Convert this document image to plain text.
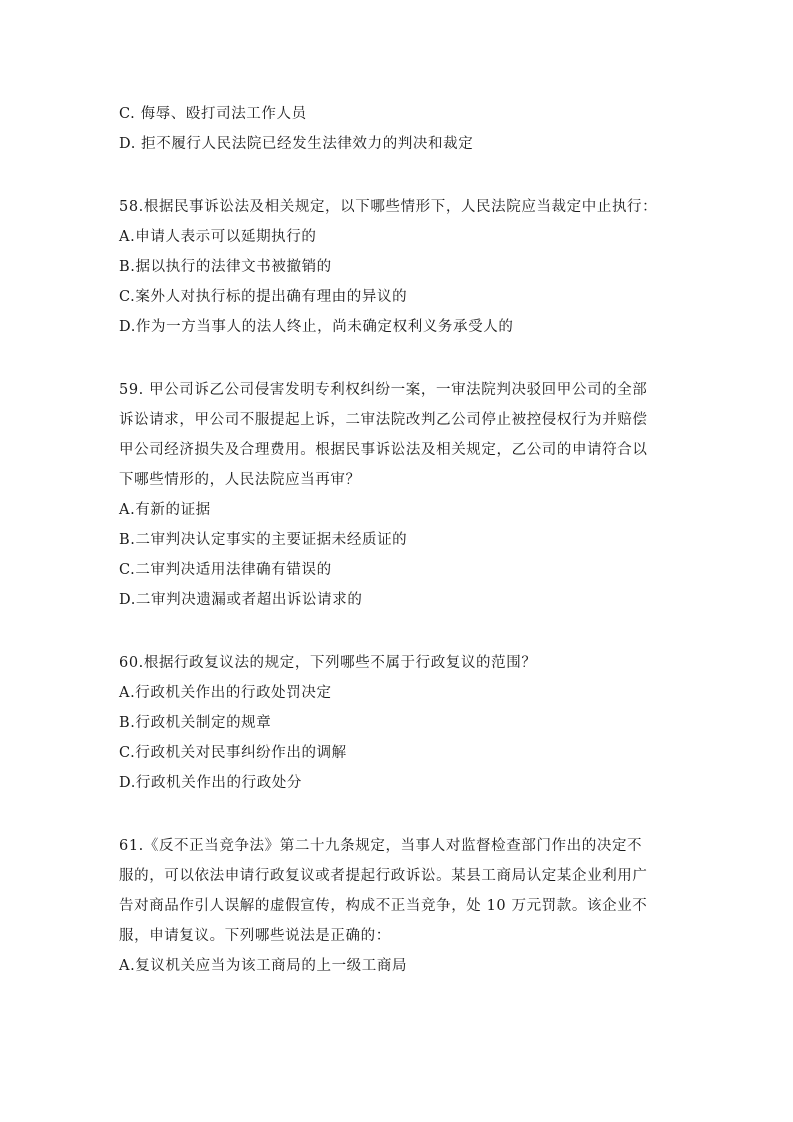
C. 侮辱、殴打司法工作人员
D. 拒不履行人民法院已经发生法律效力的判决和裁定
58.根据民事诉讼法及相关规定，以下哪些情形下，人民法院应当裁定中止执行：
A.申请人表示可以延期执行的
B.据以执行的法律文书被撤销的
C.案外人对执行标的提出确有理由的异议的
D.作为一方当事人的法人终止，尚未确定权利义务承受人的
59. 甲公司诉乙公司侵害发明专利权纠纷一案，一审法院判决驳回甲公司的全部
诉讼请求，甲公司不服提起上诉，二审法院改判乙公司停止被控侵权行为并赔偿
甲公司经济损失及合理费用。根据民事诉讼法及相关规定，乙公司的申请符合以
下哪些情形的，人民法院应当再审？
A.有新的证据
B.二审判决认定事实的主要证据未经质证的
C.二审判决适用法律确有错误的
D.二审判决遗漏或者超出诉讼请求的
60.根据行政复议法的规定，下列哪些不属于行政复议的范围？
A.行政机关作出的行政处罚决定
B.行政机关制定的规章
C.行政机关对民事纠纷作出的调解
D.行政机关作出的行政处分
61.《反不正当竞争法》第二十九条规定，当事人对监督检查部门作出的决定不
服的，可以依法申请行政复议或者提起行政诉讼。某县工商局认定某企业利用广
告对商品作引人误解的虚假宣传，构成不正当竞争，处 10 万元罚款。该企业不
服，申请复议。下列哪些说法是正确的：
A.复议机关应当为该工商局的上一级工商局
